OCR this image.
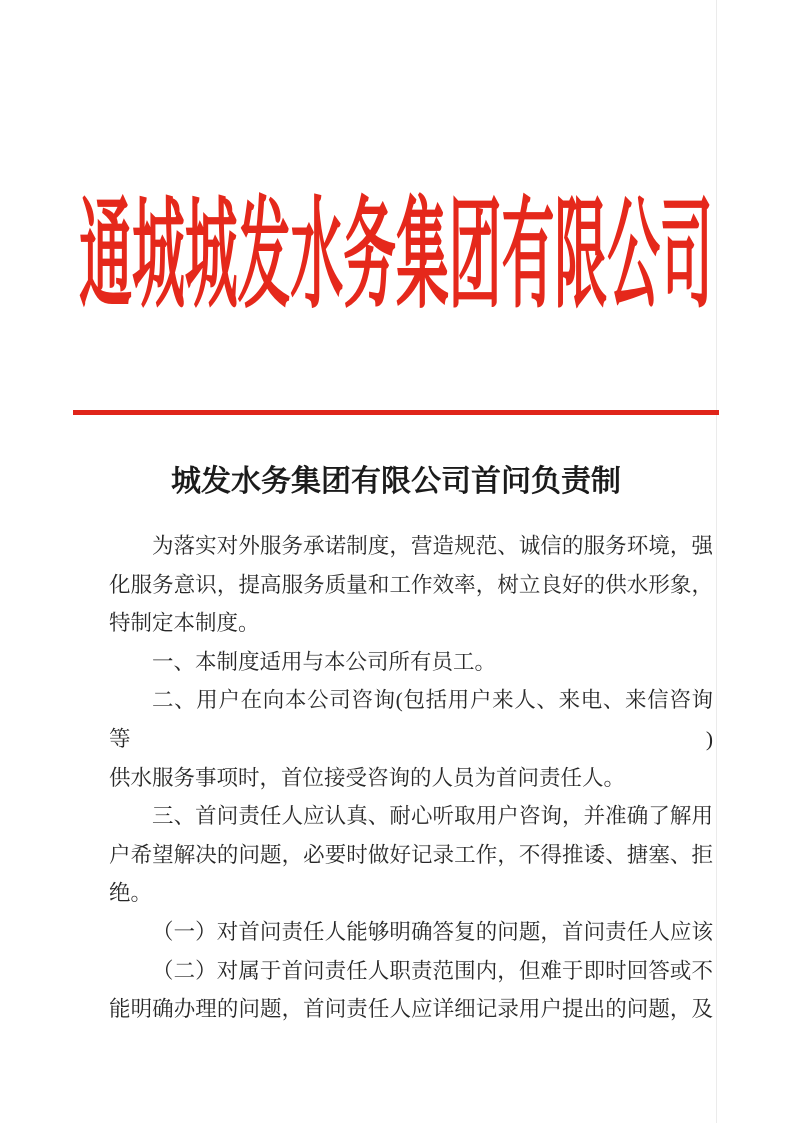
通城城发水务集团有限公司
城发水务集团有限公司首问负责制
为落实对外服务承诺制度，营造规范、诚信的服务环境，强
化服务意识，提高服务质量和工作效率，树立良好的供水形象，
特制定本制度。
一、本制度适用与本公司所有员工。
二、用户在向本公司咨询(包括用户来人、来电、来信咨询等)
供水服务事项时，首位接受咨询的人员为首问责任人。
三、首问责任人应认真、耐心听取用户咨询，并准确了解用
户希望解决的问题，必要时做好记录工作，不得推诿、搪塞、拒
绝。
（一）对首问责任人能够明确答复的问题，首问责任人应该
（二）对属于首问责任人职责范围内，但难于即时回答或不
能明确办理的问题，首问责任人应详细记录用户提出的问题，及
